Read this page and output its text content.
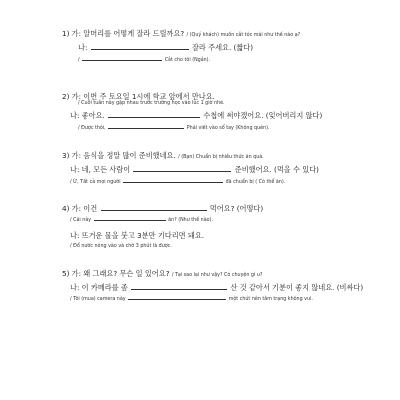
1) 가: 알머리를 어떻게 잘라 드릴까요? / (Quý khách) muốn cắt tóc mái như thế nào ạ?
나:	잘라 주세요. (짧다)
/	Cắt cho tôi (Ngắn).
2) 가: 이번 주 토요일 1시에 학교 앞에서 만나요.
/ Cuối tuần này gặp nhau trước trường học vào lúc 1 giờ nhé.
나: 좋아요.	수첩에 써야겠어요. (잊어버리지 않다)
/ Được thôi,	Phải viết vào sổ tay (Không quên).
3) 가: 음식을 정말 많이 준비했네요. / (Bạn) Chuẩn bị nhiều thức ăn quá.
나: 네, 모든 사람이	준비했어요. (먹을 수 있다)
/ Ừ, Tất cả mọi người	đã chuẩn bị ( Có thể ăn).
4) 가: 이건	먹어요? (어떻다)
/ Cái này	ăn? (Như thế nào).
나: 뜨거운 물을 붓고 3분만 기다리면 돼요.
/ Đổ nước nóng vào và chờ 3 phút là được.
5) 가: 왜 그래요? 무슨 일 있어요? / Tại sao lại như vậy? Có chuyện gì u?
나: 이 카메라를 좀	산 것 같아서 기분이 좋지 않네요. (비싸다)
/ Tôi (mua) camera này	một chút nên tâm trạng không vui.
